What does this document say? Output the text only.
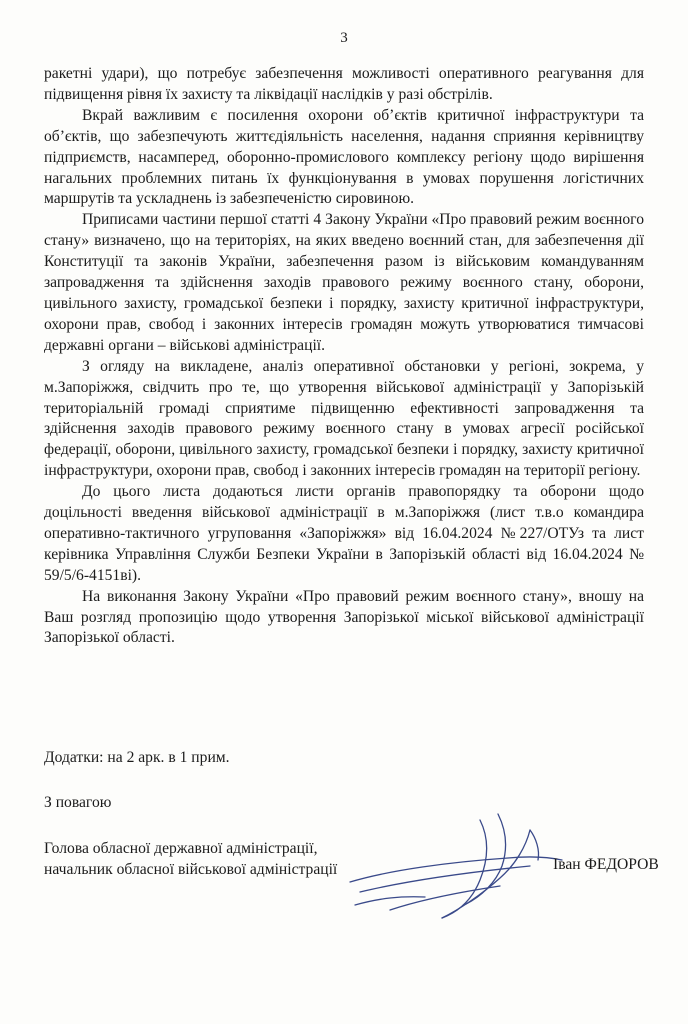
3

ракетні удари), що потребує забезпечення можливості оперативного реагування для підвищення рівня їх захисту та ліквідації наслідків у разі обстрілів.

Вкрай важливим є посилення охорони об’єктів критичної інфраструктури та об’єктів, що забезпечують життєдіяльність населення, надання сприяння керівництву підприємств, насамперед, оборонно-промислового комплексу регіону щодо вирішення нагальних проблемних питань їх функціонування в умовах порушення логістичних маршрутів та ускладнень із забезпеченістю сировиною.

Приписами частини першої статті 4 Закону України «Про правовий режим воєнного стану» визначено, що на територіях, на яких введено воєнний стан, для забезпечення дії Конституції та законів України, забезпечення разом із військовим командуванням запровадження та здійснення заходів правового режиму воєнного стану, оборони, цивільного захисту, громадської безпеки і порядку, захисту критичної інфраструктури, охорони прав, свобод і законних інтересів громадян можуть утворюватися тимчасові державні органи – військові адміністрації.

З огляду на викладене, аналіз оперативної обстановки у регіоні, зокрема, у м.Запоріжжя, свідчить про те, що утворення військової адміністрації у Запорізькій територіальній громаді сприятиме підвищенню ефективності запровадження та здійснення заходів правового режиму воєнного стану в умовах агресії російської федерації, оборони, цивільного захисту, громадської безпеки і порядку, захисту критичної інфраструктури, охорони прав, свобод і законних інтересів громадян на території регіону.

До цього листа додаються листи органів правопорядку та оборони щодо доцільності введення військової адміністрації в м.Запоріжжя (лист т.в.о командира оперативно-тактичного угруповання «Запоріжжя» від 16.04.2024 №227/ОТУз та лист керівника Управління Служби Безпеки України в Запорізькій області від 16.04.2024 № 59/5/6-4151ві).

На виконання Закону України «Про правовий режим воєнного стану», вношу на Ваш розгляд пропозицію щодо утворення Запорізької міської військової адміністрації Запорізької області.

Додатки: на 2 арк. в 1 прим.
З повагою
Голова обласної державної адміністрації,
начальник обласної військової адміністрації	Іван ФЕДОРОВ
